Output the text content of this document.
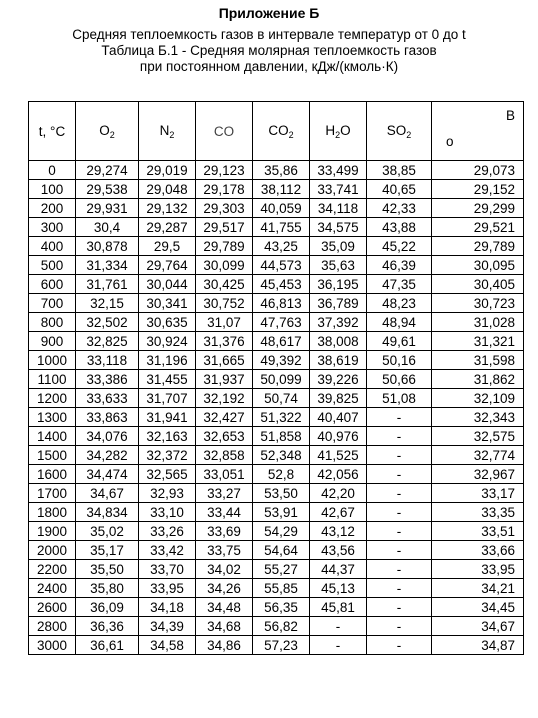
Приложение Б
Средняя теплоемкость газов в интервале температур от 0 до t
Таблица Б.1 - Средняя молярная теплоемкость газов
при постоянном давлении, кДж/(кмоль·К)
t, °C	$O_2$	$N_2$	CO	$CO_2$	$H_2O$	$SO_2$	В
о

0	29,274	29,019	29,123	35,86	33,499	38,85	29,073
100	29,538	29,048	29,178	38,112	33,741	40,65	29,152
200	29,931	29,132	29,303	40,059	34,118	42,33	29,299
300	30,4	29,287	29,517	41,755	34,575	43,88	29,521
400	30,878	29,5	29,789	43,25	35,09	45,22	29,789
500	31,334	29,764	30,099	44,573	35,63	46,39	30,095
600	31,761	30,044	30,425	45,453	36,195	47,35	30,405
700	32,15	30,341	30,752	46,813	36,789	48,23	30,723
800	32,502	30,635	31,07	47,763	37,392	48,94	31,028
900	32,825	30,924	31,376	48,617	38,008	49,61	31,321
1000	33,118	31,196	31,665	49,392	38,619	50,16	31,598
1100	33,386	31,455	31,937	50,099	39,226	50,66	31,862
1200	33,633	31,707	32,192	50,74	39,825	51,08	32,109
1300	33,863	31,941	32,427	51,322	40,407	-	32,343
1400	34,076	32,163	32,653	51,858	40,976	-	32,575
1500	34,282	32,372	32,858	52,348	41,525	-	32,774
1600	34,474	32,565	33,051	52,8	42,056	-	32,967
1700	34,67	32,93	33,27	53,50	42,20	-	33,17
1800	34,834	33,10	33,44	53,91	42,67	-	33,35
1900	35,02	33,26	33,69	54,29	43,12	-	33,51
2000	35,17	33,42	33,75	54,64	43,56	-	33,66
2200	35,50	33,70	34,02	55,27	44,37	-	33,95
2400	35,80	33,95	34,26	55,85	45,13	-	34,21
2600	36,09	34,18	34,48	56,35	45,81	-	34,45
2800	36,36	34,39	34,68	56,82	-	-	34,67
3000	36,61	34,58	34,86	57,23	-	-	34,87
